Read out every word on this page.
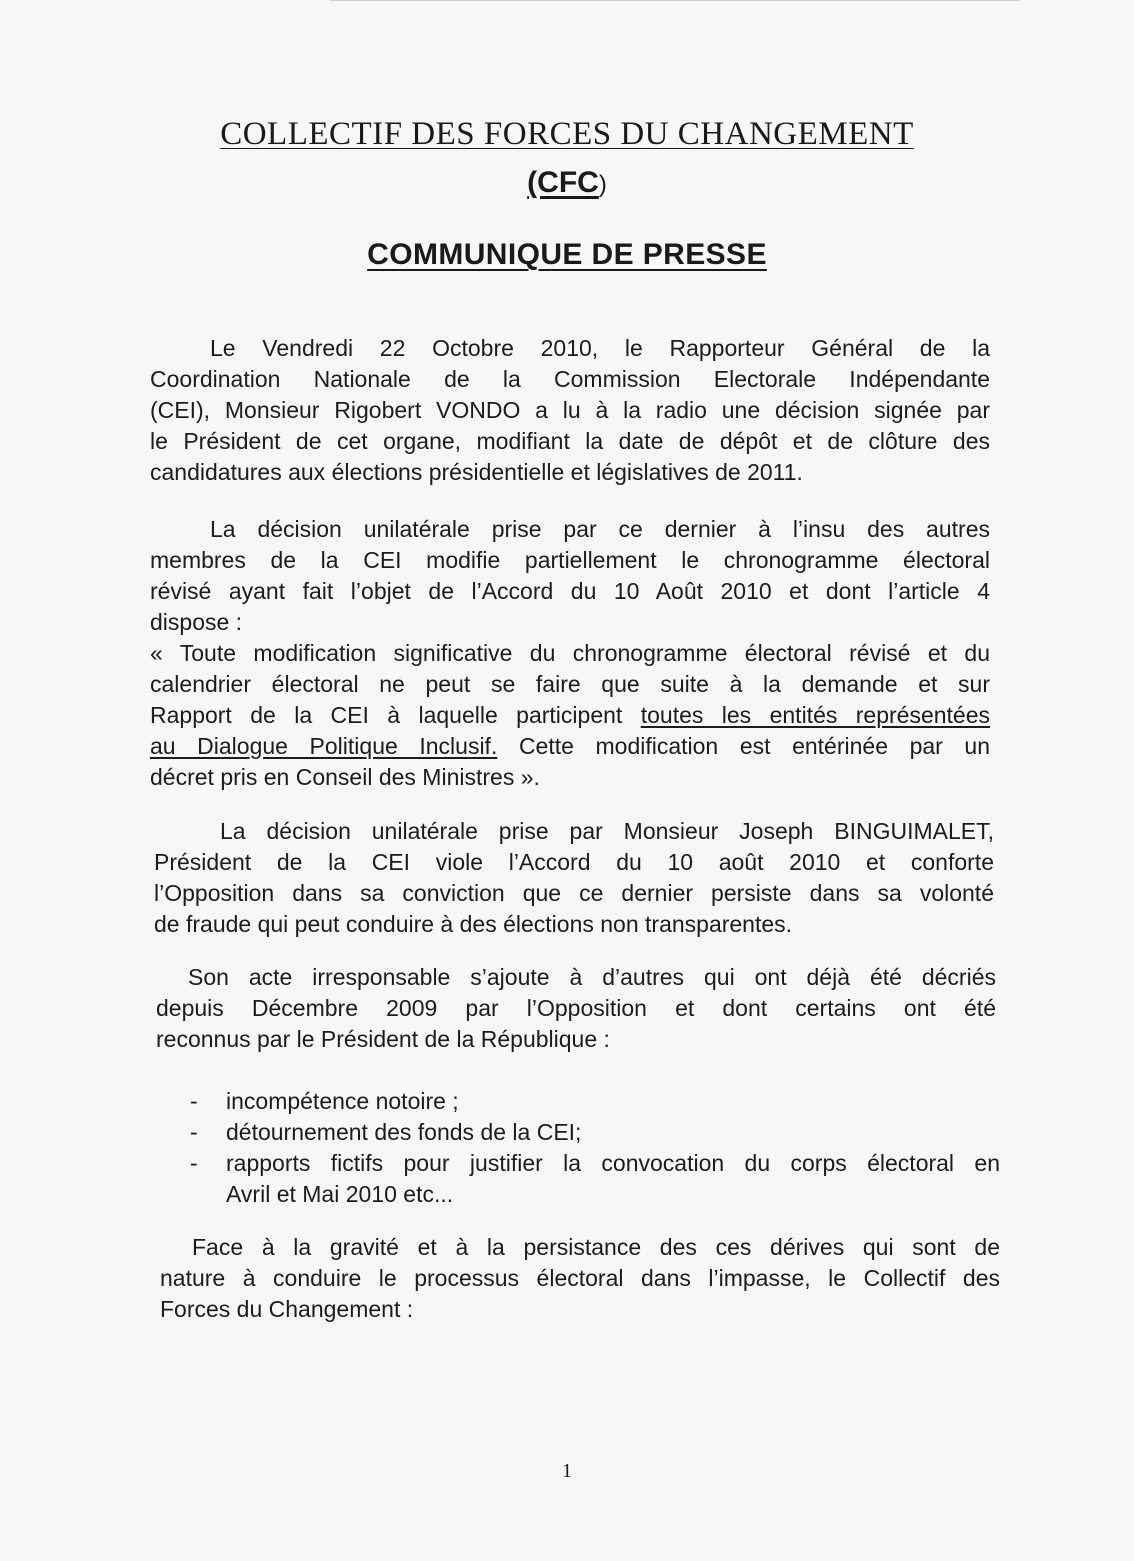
COLLECTIF DES FORCES DU CHANGEMENT
(CFC)
COMMUNIQUE DE PRESSE
Le Vendredi 22 Octobre 2010, le Rapporteur Général de la
Coordination Nationale de la Commission Electorale Indépendante
(CEI), Monsieur Rigobert VONDO a lu à la radio une décision signée par
le Président de cet organe, modifiant la date de dépôt et de clôture des
candidatures aux élections présidentielle et législatives de 2011.
La décision unilatérale prise par ce dernier à l’insu des autres
membres de la CEI modifie partiellement le chronogramme électoral
révisé ayant fait l’objet de l’Accord du 10 Août 2010 et dont l’article 4
dispose :
« Toute modification significative du chronogramme électoral révisé et du
calendrier électoral ne peut se faire que suite à la demande et sur
Rapport de la CEI à laquelle participent toutes les entités représentées
au Dialogue Politique Inclusif. Cette modification est entérinée par un
décret pris en Conseil des Ministres ».
La décision unilatérale prise par Monsieur Joseph BINGUIMALET,
Président de la CEI viole l’Accord du 10 août 2010 et conforte
l’Opposition dans sa conviction que ce dernier persiste dans sa volonté
de fraude qui peut conduire à des élections non transparentes.
Son acte irresponsable s’ajoute à d’autres qui ont déjà été décriés
depuis Décembre 2009 par l’Opposition et dont certains ont été
reconnus par le Président de la République :
- incompétence notoire ;
- détournement des fonds de la CEI;
- rapports fictifs pour justifier la convocation du corps électoral en
Avril et Mai 2010 etc...
Face à la gravité et à la persistance des ces dérives qui sont de
nature à conduire le processus électoral dans l’impasse, le Collectif des
Forces du Changement :
1
